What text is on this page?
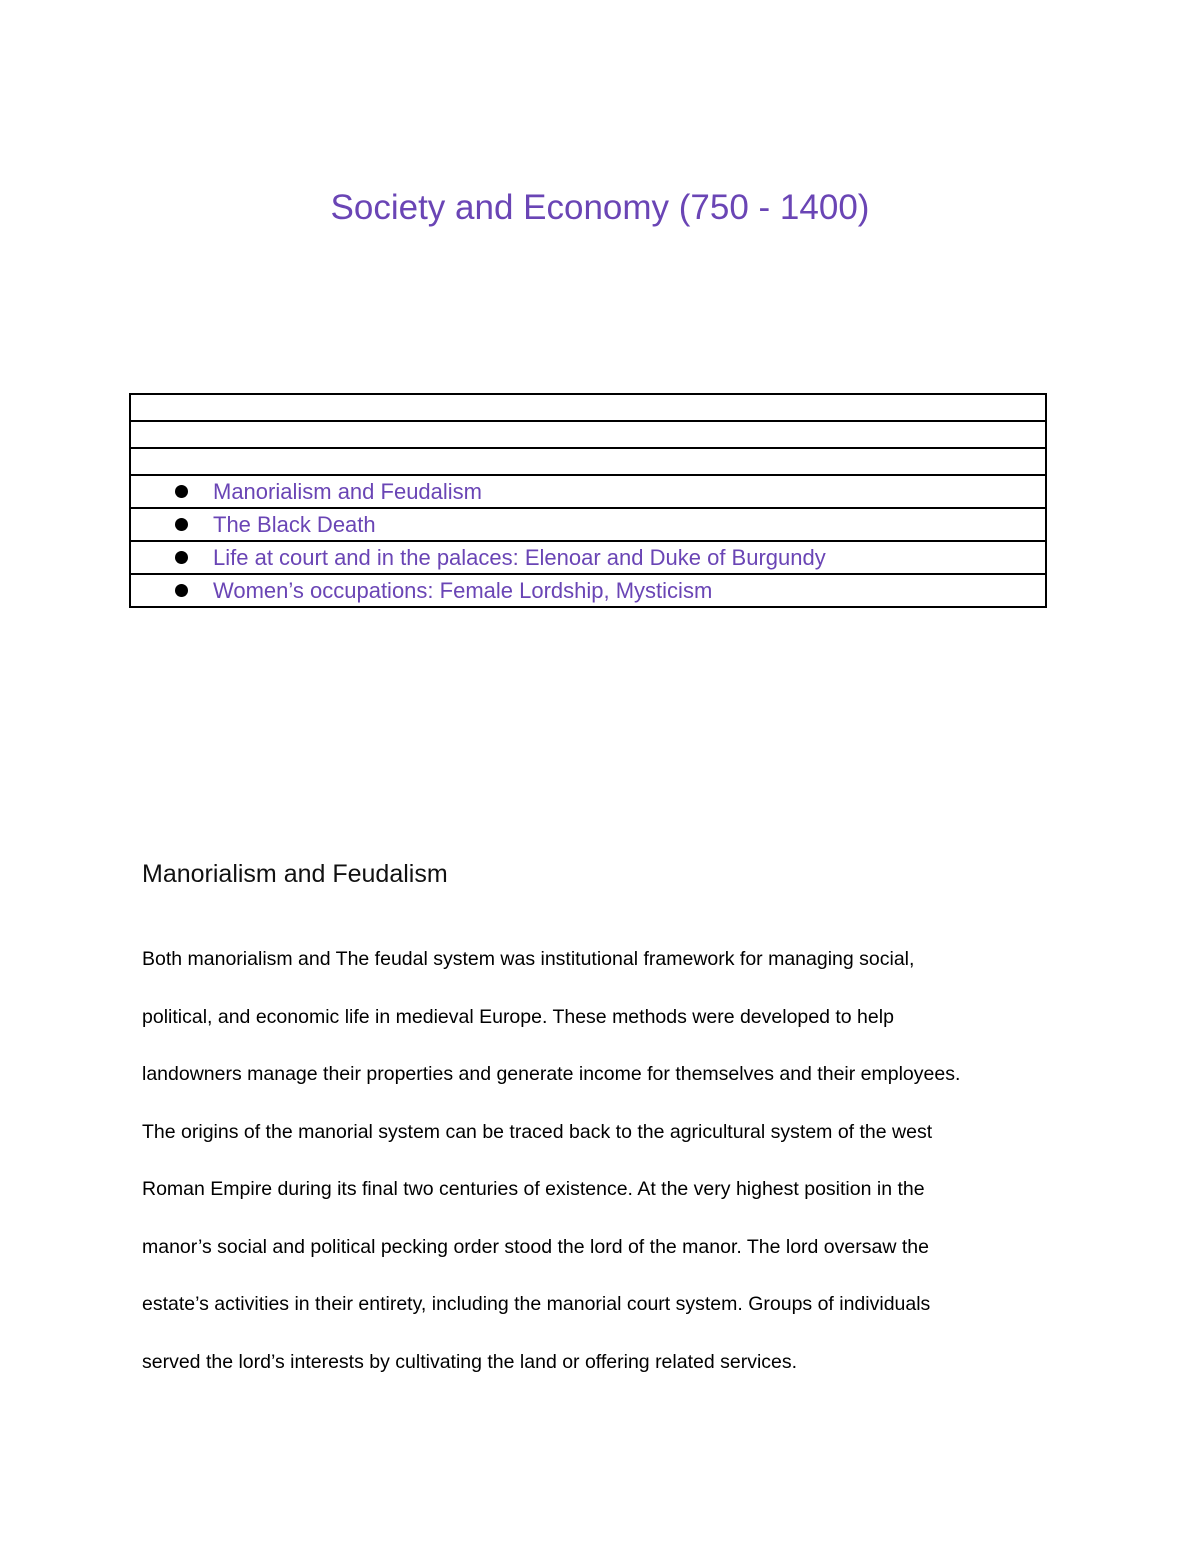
Society and Economy (750 - 1400)

Manorialism and Feudalism

The Black Death

Life at court and in the palaces: Elenoar and Duke of Burgundy

Women’s occupations: Female Lordship, Mysticism
Manorialism and Feudalism
Both manorialism and The feudal system was institutional framework for managing social,
political, and economic life in medieval Europe. These methods were developed to help
landowners manage their properties and generate income for themselves and their employees.
The origins of the manorial system can be traced back to the agricultural system of the west
Roman Empire during its final two centuries of existence. At the very highest position in the
manor’s social and political pecking order stood the lord of the manor. The lord oversaw the
estate’s activities in their entirety, including the manorial court system. Groups of individuals
served the lord’s interests by cultivating the land or offering related services.
